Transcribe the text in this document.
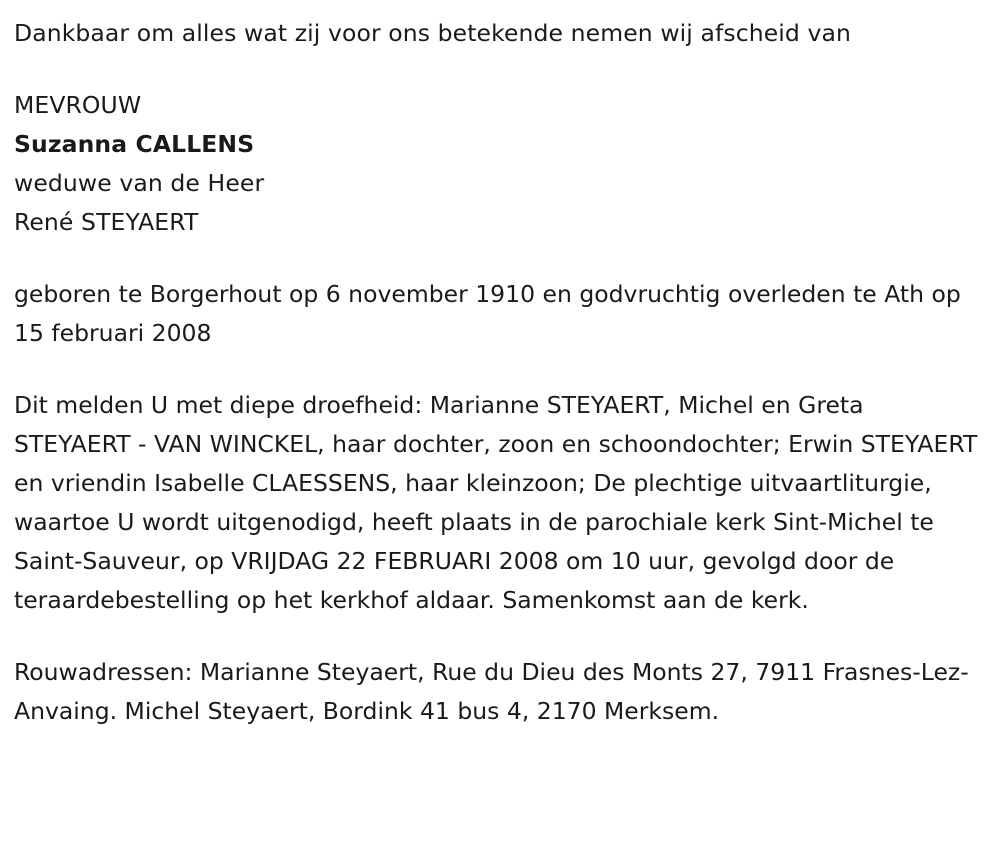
Dankbaar om alles wat zij voor ons betekende nemen wij afscheid van

MEVROUW

Suzanna CALLENS

weduwe van de Heer

René STEYAERT

geboren te Borgerhout op 6 november 1910 en godvruchtig overleden te Ath op 15 februari 2008

Dit melden U met diepe droefheid: Marianne STEYAERT, Michel en Greta STEYAERT - VAN WINCKEL, haar dochter, zoon en schoondochter; Erwin STEYAERT en vriendin Isabelle CLAESSENS, haar kleinzoon; De plechtige uitvaartliturgie, waartoe U wordt uitgenodigd, heeft plaats in de parochiale kerk Sint-Michel te Saint-Sauveur, op VRIJDAG 22 FEBRUARI 2008 om 10 uur, gevolgd door de teraardebestelling op het kerkhof aldaar. Samenkomst aan de kerk.

Rouwadressen: Marianne Steyaert, Rue du Dieu des Monts 27, 7911 Frasnes-Lez-Anvaing. Michel Steyaert, Bordink 41 bus 4, 2170 Merksem.
